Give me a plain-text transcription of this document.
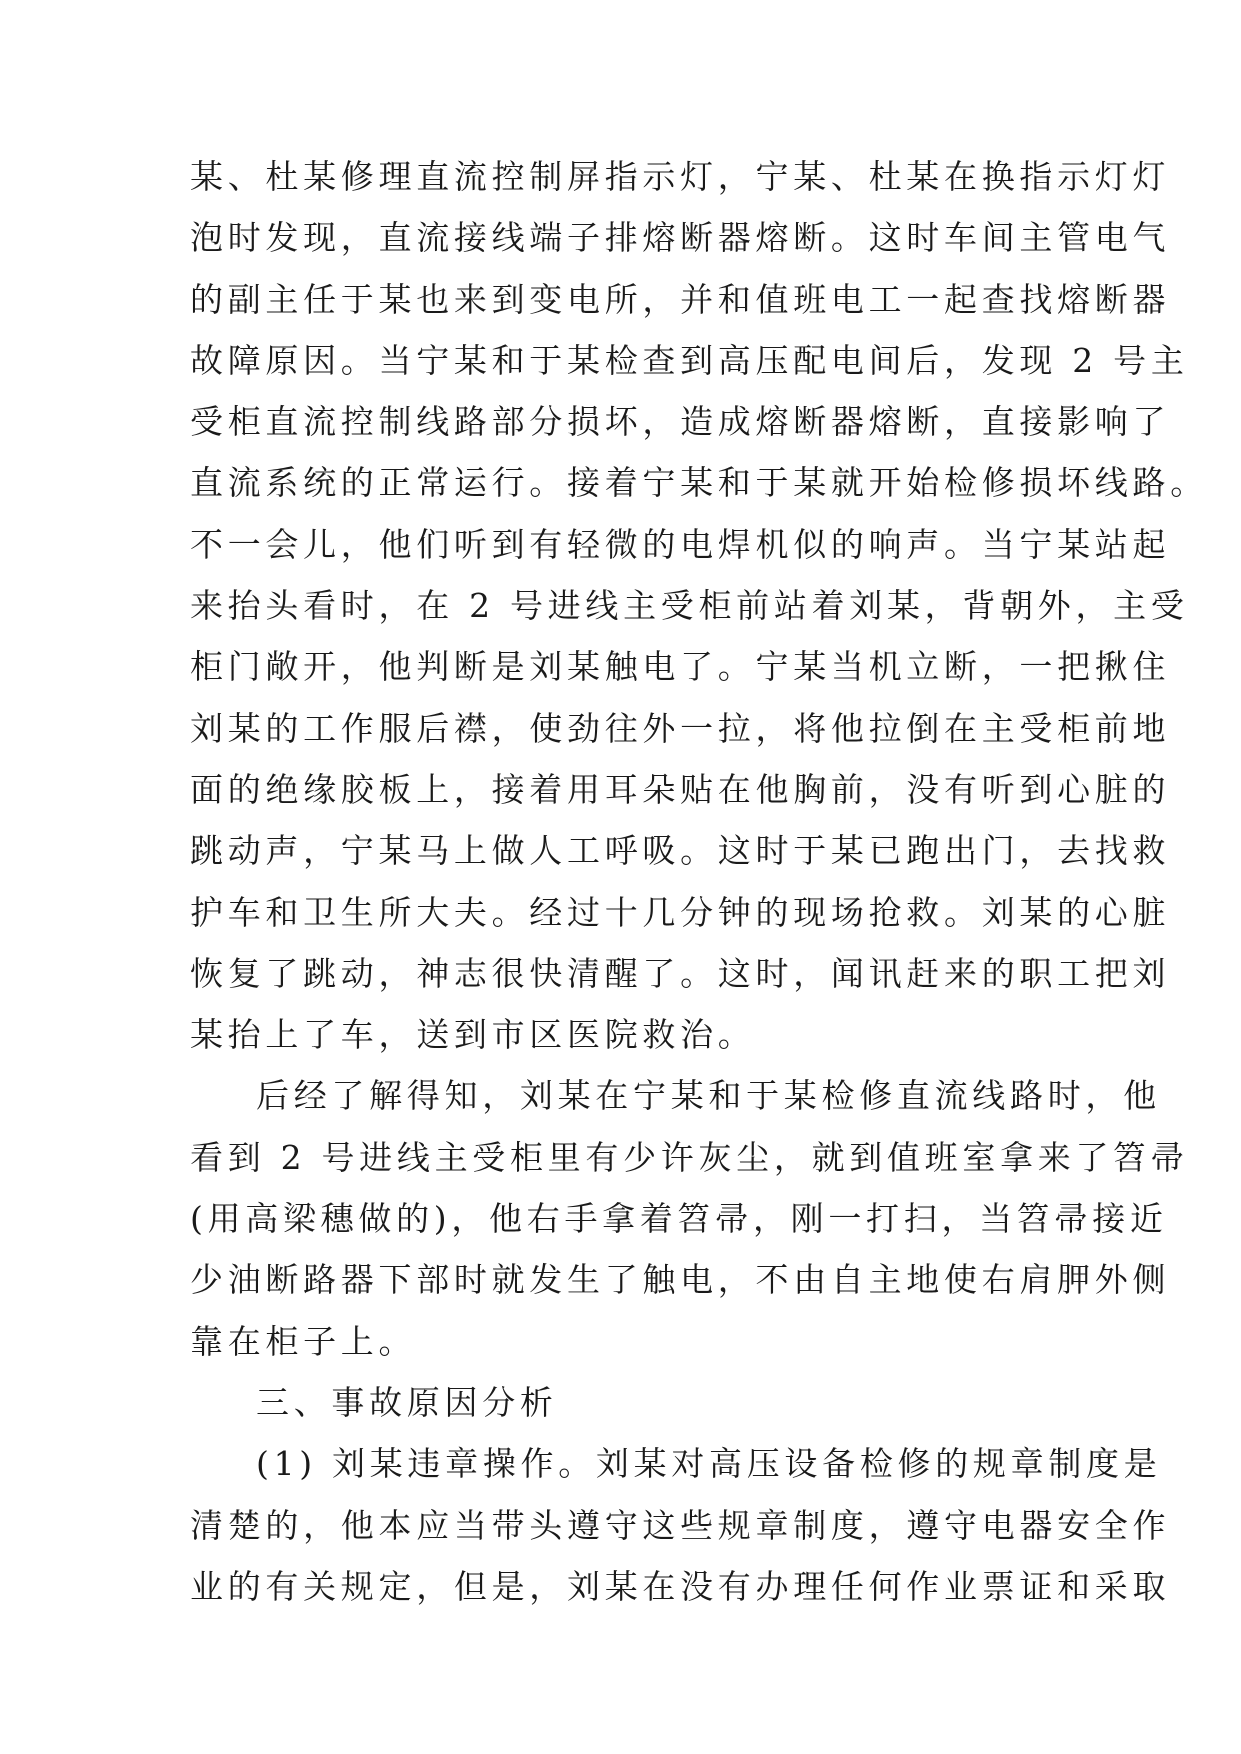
某、杜某修理直流控制屏指示灯，宁某、杜某在换指示灯灯
泡时发现，直流接线端子排熔断器熔断。这时车间主管电气
的副主任于某也来到变电所，并和值班电工一起查找熔断器
故障原因。当宁某和于某检查到高压配电间后，发现 2 号主
受柜直流控制线路部分损坏，造成熔断器熔断，直接影响了
直流系统的正常运行。接着宁某和于某就开始检修损坏线路。
不一会儿，他们听到有轻微的电焊机似的响声。当宁某站起
来抬头看时，在 2 号进线主受柜前站着刘某，背朝外，主受
柜门敞开，他判断是刘某触电了。宁某当机立断，一把揪住
刘某的工作服后襟，使劲往外一拉，将他拉倒在主受柜前地
面的绝缘胶板上，接着用耳朵贴在他胸前，没有听到心脏的
跳动声，宁某马上做人工呼吸。这时于某已跑出门，去找救
护车和卫生所大夫。经过十几分钟的现场抢救。刘某的心脏
恢复了跳动，神志很快清醒了。这时，闻讯赶来的职工把刘
某抬上了车，送到市区医院救治。
后经了解得知，刘某在宁某和于某检修直流线路时，他
看到 2 号进线主受柜里有少许灰尘，就到值班室拿来了笤帚
(用高梁穗做的)，他右手拿着笤帚，刚一打扫，当笤帚接近
少油断路器下部时就发生了触电，不由自主地使右肩胛外侧
靠在柜子上。
三、事故原因分析
(1) 刘某违章操作。刘某对高压设备检修的规章制度是
清楚的，他本应当带头遵守这些规章制度，遵守电器安全作
业的有关规定，但是，刘某在没有办理任何作业票证和采取
